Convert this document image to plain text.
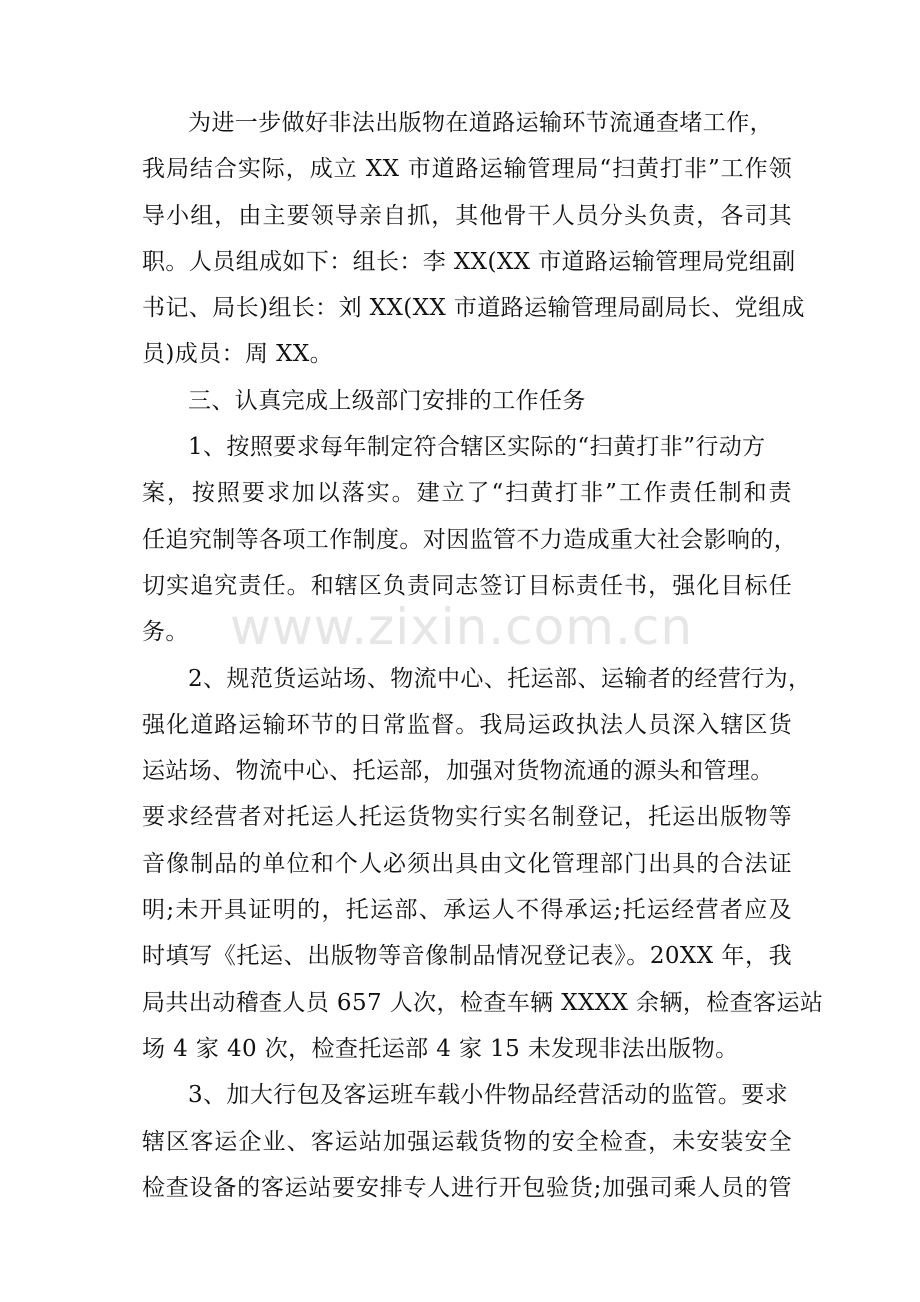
为进一步做好非法出版物在道路运输环节流通查堵工作，
我局结合实际，成立 XX 市道路运输管理局“扫黄打非”工作领
导小组，由主要领导亲自抓，其他骨干人员分头负责，各司其
职。人员组成如下：组长：李 XX(XX 市道路运输管理局党组副
书记、局长)组长：刘 XX(XX 市道路运输管理局副局长、党组成
员)成员：周 XX。
三、认真完成上级部门安排的工作任务
1、按照要求每年制定符合辖区实际的“扫黄打非”行动方
案，按照要求加以落实。建立了“扫黄打非”工作责任制和责
任追究制等各项工作制度。对因监管不力造成重大社会影响的，
切实追究责任。和辖区负责同志签订目标责任书，强化目标任
务。
2、规范货运站场、物流中心、托运部、运输者的经营行为，
强化道路运输环节的日常监督。我局运政执法人员深入辖区货
运站场、物流中心、托运部，加强对货物流通的源头和管理。
要求经营者对托运人托运货物实行实名制登记，托运出版物等
音像制品的单位和个人必须出具由文化管理部门出具的合法证
明;未开具证明的，托运部、承运人不得承运;托运经营者应及
时填写《托运、出版物等音像制品情况登记表》。20XX 年，我
局共出动稽查人员 657 人次，检查车辆 XXXX 余辆，检查客运站
场 4 家 40 次，检查托运部 4 家 15 未发现非法出版物。
3、加大行包及客运班车载小件物品经营活动的监管。要求
辖区客运企业、客运站加强运载货物的安全检查，未安装安全
检查设备的客运站要安排专人进行开包验货;加强司乘人员的管
www.zixin.com.cn
